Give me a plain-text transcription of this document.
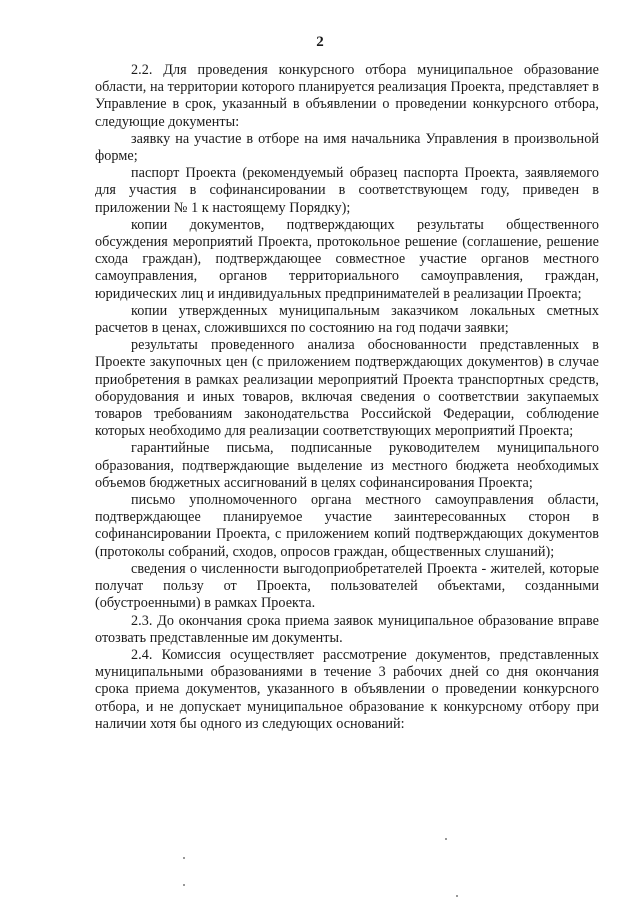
2

2.2. Для проведения конкурсного отбора муниципальное образование области, на территории которого планируется реализация Проекта, представляет в Управление в срок, указанный в объявлении о проведении конкурсного отбора, следующие документы:

заявку на участие в отборе на имя начальника Управления в произвольной форме;

паспорт Проекта (рекомендуемый образец паспорта Проекта, заявляемого для участия в софинансировании в соответствующем году, приведен в приложении № 1 к настоящему Порядку);

копии документов, подтверждающих результаты общественного обсуждения мероприятий Проекта, протокольное решение (соглашение, решение схода граждан), подтверждающее совместное участие органов местного самоуправления, органов территориального самоуправления, граждан, юридических лиц и индивидуальных предпринимателей в реализации Проекта;

копии утвержденных муниципальным заказчиком локальных сметных расчетов в ценах, сложившихся по состоянию на год подачи заявки;

результаты проведенного анализа обоснованности представленных в Проекте закупочных цен (с приложением подтверждающих документов) в случае приобретения в рамках реализации мероприятий Проекта транспортных средств, оборудования и иных товаров, включая сведения о соответствии закупаемых товаров требованиям законодательства Российской Федерации, соблюдение которых необходимо для реализации соответствующих мероприятий Проекта;

гарантийные письма, подписанные руководителем муниципального образования, подтверждающие выделение из местного бюджета необходимых объемов бюджетных ассигнований в целях софинансирования Проекта;

письмо уполномоченного органа местного самоуправления области, подтверждающее планируемое участие заинтересованных сторон в софинансировании Проекта, с приложением копий подтверждающих документов (протоколы собраний, сходов, опросов граждан, общественных слушаний);

сведения о численности выгодоприобретателей Проекта - жителей, которые получат пользу от Проекта, пользователей объектами, созданными (обустроенными) в рамках Проекта.

2.3. До окончания срока приема заявок муниципальное образование вправе отозвать представленные им документы.

2.4. Комиссия осуществляет рассмотрение документов, представленных муниципальными образованиями в течение 3 рабочих дней со дня окончания срока приема документов, указанного в объявлении о проведении конкурсного отбора, и не допускает муниципальное образование к конкурсному отбору при наличии хотя бы одного из следующих оснований:
